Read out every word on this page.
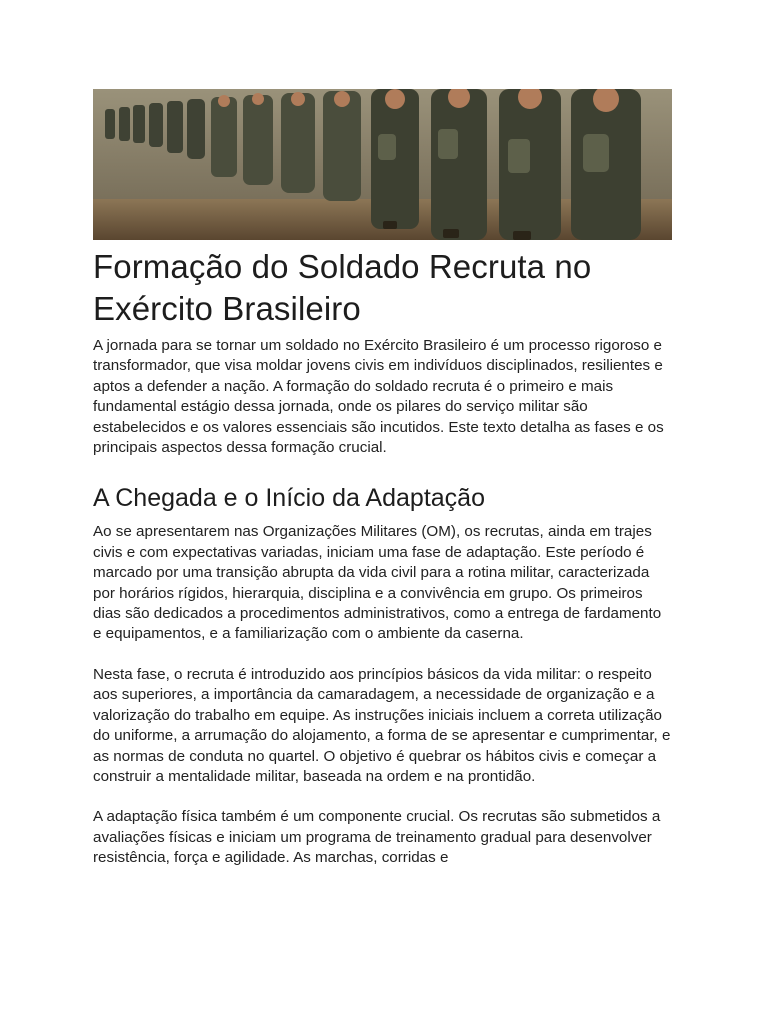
Formação do Soldado Recruta no Exército Brasileiro

A jornada para se tornar um soldado no Exército Brasileiro é um processo rigoroso e transformador, que visa moldar jovens civis em indivíduos disciplinados, resilientes e aptos a defender a nação. A formação do soldado recruta é o primeiro e mais fundamental estágio dessa jornada, onde os pilares do serviço militar são estabelecidos e os valores essenciais são incutidos. Este texto detalha as fases e os principais aspectos dessa formação crucial.

A Chegada e o Início da Adaptação

Ao se apresentarem nas Organizações Militares (OM), os recrutas, ainda em trajes civis e com expectativas variadas, iniciam uma fase de adaptação. Este período é marcado por uma transição abrupta da vida civil para a rotina militar, caracterizada por horários rígidos, hierarquia, disciplina e a convivência em grupo. Os primeiros dias são dedicados a procedimentos administrativos, como a entrega de fardamento e equipamentos, e a familiarização com o ambiente da caserna.

Nesta fase, o recruta é introduzido aos princípios básicos da vida militar: o respeito aos superiores, a importância da camaradagem, a necessidade de organização e a valorização do trabalho em equipe. As instruções iniciais incluem a correta utilização do uniforme, a arrumação do alojamento, a forma de se apresentar e cumprimentar, e as normas de conduta no quartel. O objetivo é quebrar os hábitos civis e começar a construir a mentalidade militar, baseada na ordem e na prontidão.

A adaptação física também é um componente crucial. Os recrutas são submetidos a avaliações físicas e iniciam um programa de treinamento gradual para desenvolver resistência, força e agilidade. As marchas, corridas e
